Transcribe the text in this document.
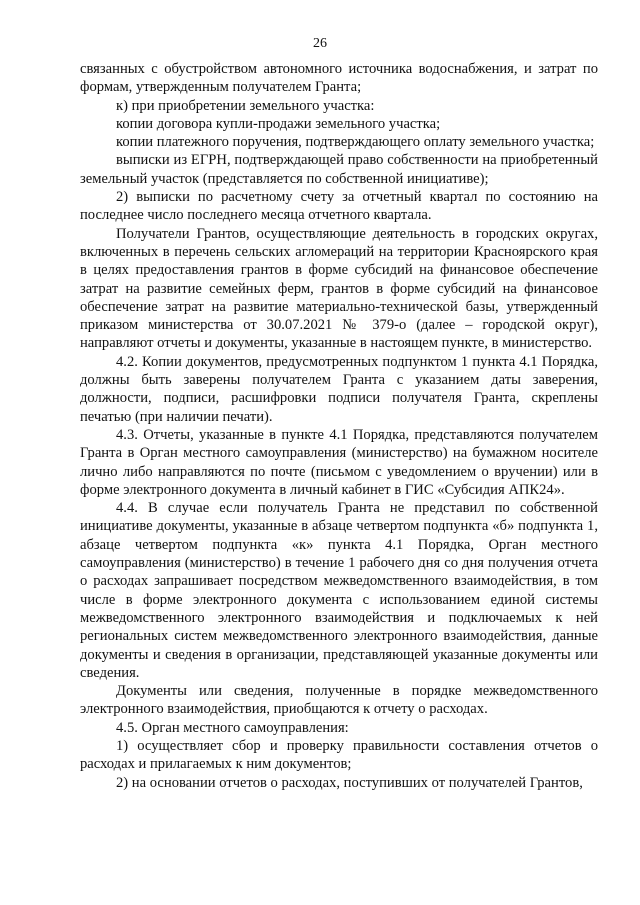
26

связанных с обустройством автономного источника водоснабжения, и затрат по формам, утвержденным получателем Гранта;

к) при приобретении земельного участка:

копии договора купли-продажи земельного участка;

копии платежного поручения, подтверждающего оплату земельного участка;

выписки из ЕГРН, подтверждающей право собственности на приобретенный земельный участок (представляется по собственной инициативе);

2) выписки по расчетному счету за отчетный квартал по состоянию на последнее число последнего месяца отчетного квартала.

Получатели Грантов, осуществляющие деятельность в городских округах, включенных в перечень сельских агломераций на территории Красноярского края в целях предоставления грантов в форме субсидий на финансовое обеспечение затрат на развитие семейных ферм, грантов в форме субсидий на финансовое обеспечение затрат на развитие материально-технической базы, утвержденный приказом министерства от 30.07.2021 № 379-о (далее – городской округ), направляют отчеты и документы, указанные в настоящем пункте, в министерство.

4.2. Копии документов, предусмотренных подпунктом 1 пункта 4.1 Порядка, должны быть заверены получателем Гранта с указанием даты заверения, должности, подписи, расшифровки подписи получателя Гранта, скреплены печатью (при наличии печати).

4.3. Отчеты, указанные в пункте 4.1 Порядка, представляются получателем Гранта в Орган местного самоуправления (министерство) на бумажном носителе лично либо направляются по почте (письмом с уведомлением о вручении) или в форме электронного документа в личный кабинет в ГИС «Субсидия АПК24».

4.4. В случае если получатель Гранта не представил по собственной инициативе документы, указанные в абзаце четвертом подпункта «б» подпункта 1, абзаце четвертом подпункта «к» пункта 4.1 Порядка, Орган местного самоуправления (министерство) в течение 1 рабочего дня со дня получения отчета о расходах запрашивает посредством межведомственного взаимодействия, в том числе в форме электронного документа с использованием единой системы межведомственного электронного взаимодействия и подключаемых к ней региональных систем межведомственного электронного взаимодействия, данные документы и сведения в организации, представляющей указанные документы или сведения.

Документы или сведения, полученные в порядке межведомственного электронного взаимодействия, приобщаются к отчету о расходах.

4.5. Орган местного самоуправления:

1) осуществляет сбор и проверку правильности составления отчетов о расходах и прилагаемых к ним документов;

2) на основании отчетов о расходах, поступивших от получателей Грантов,
